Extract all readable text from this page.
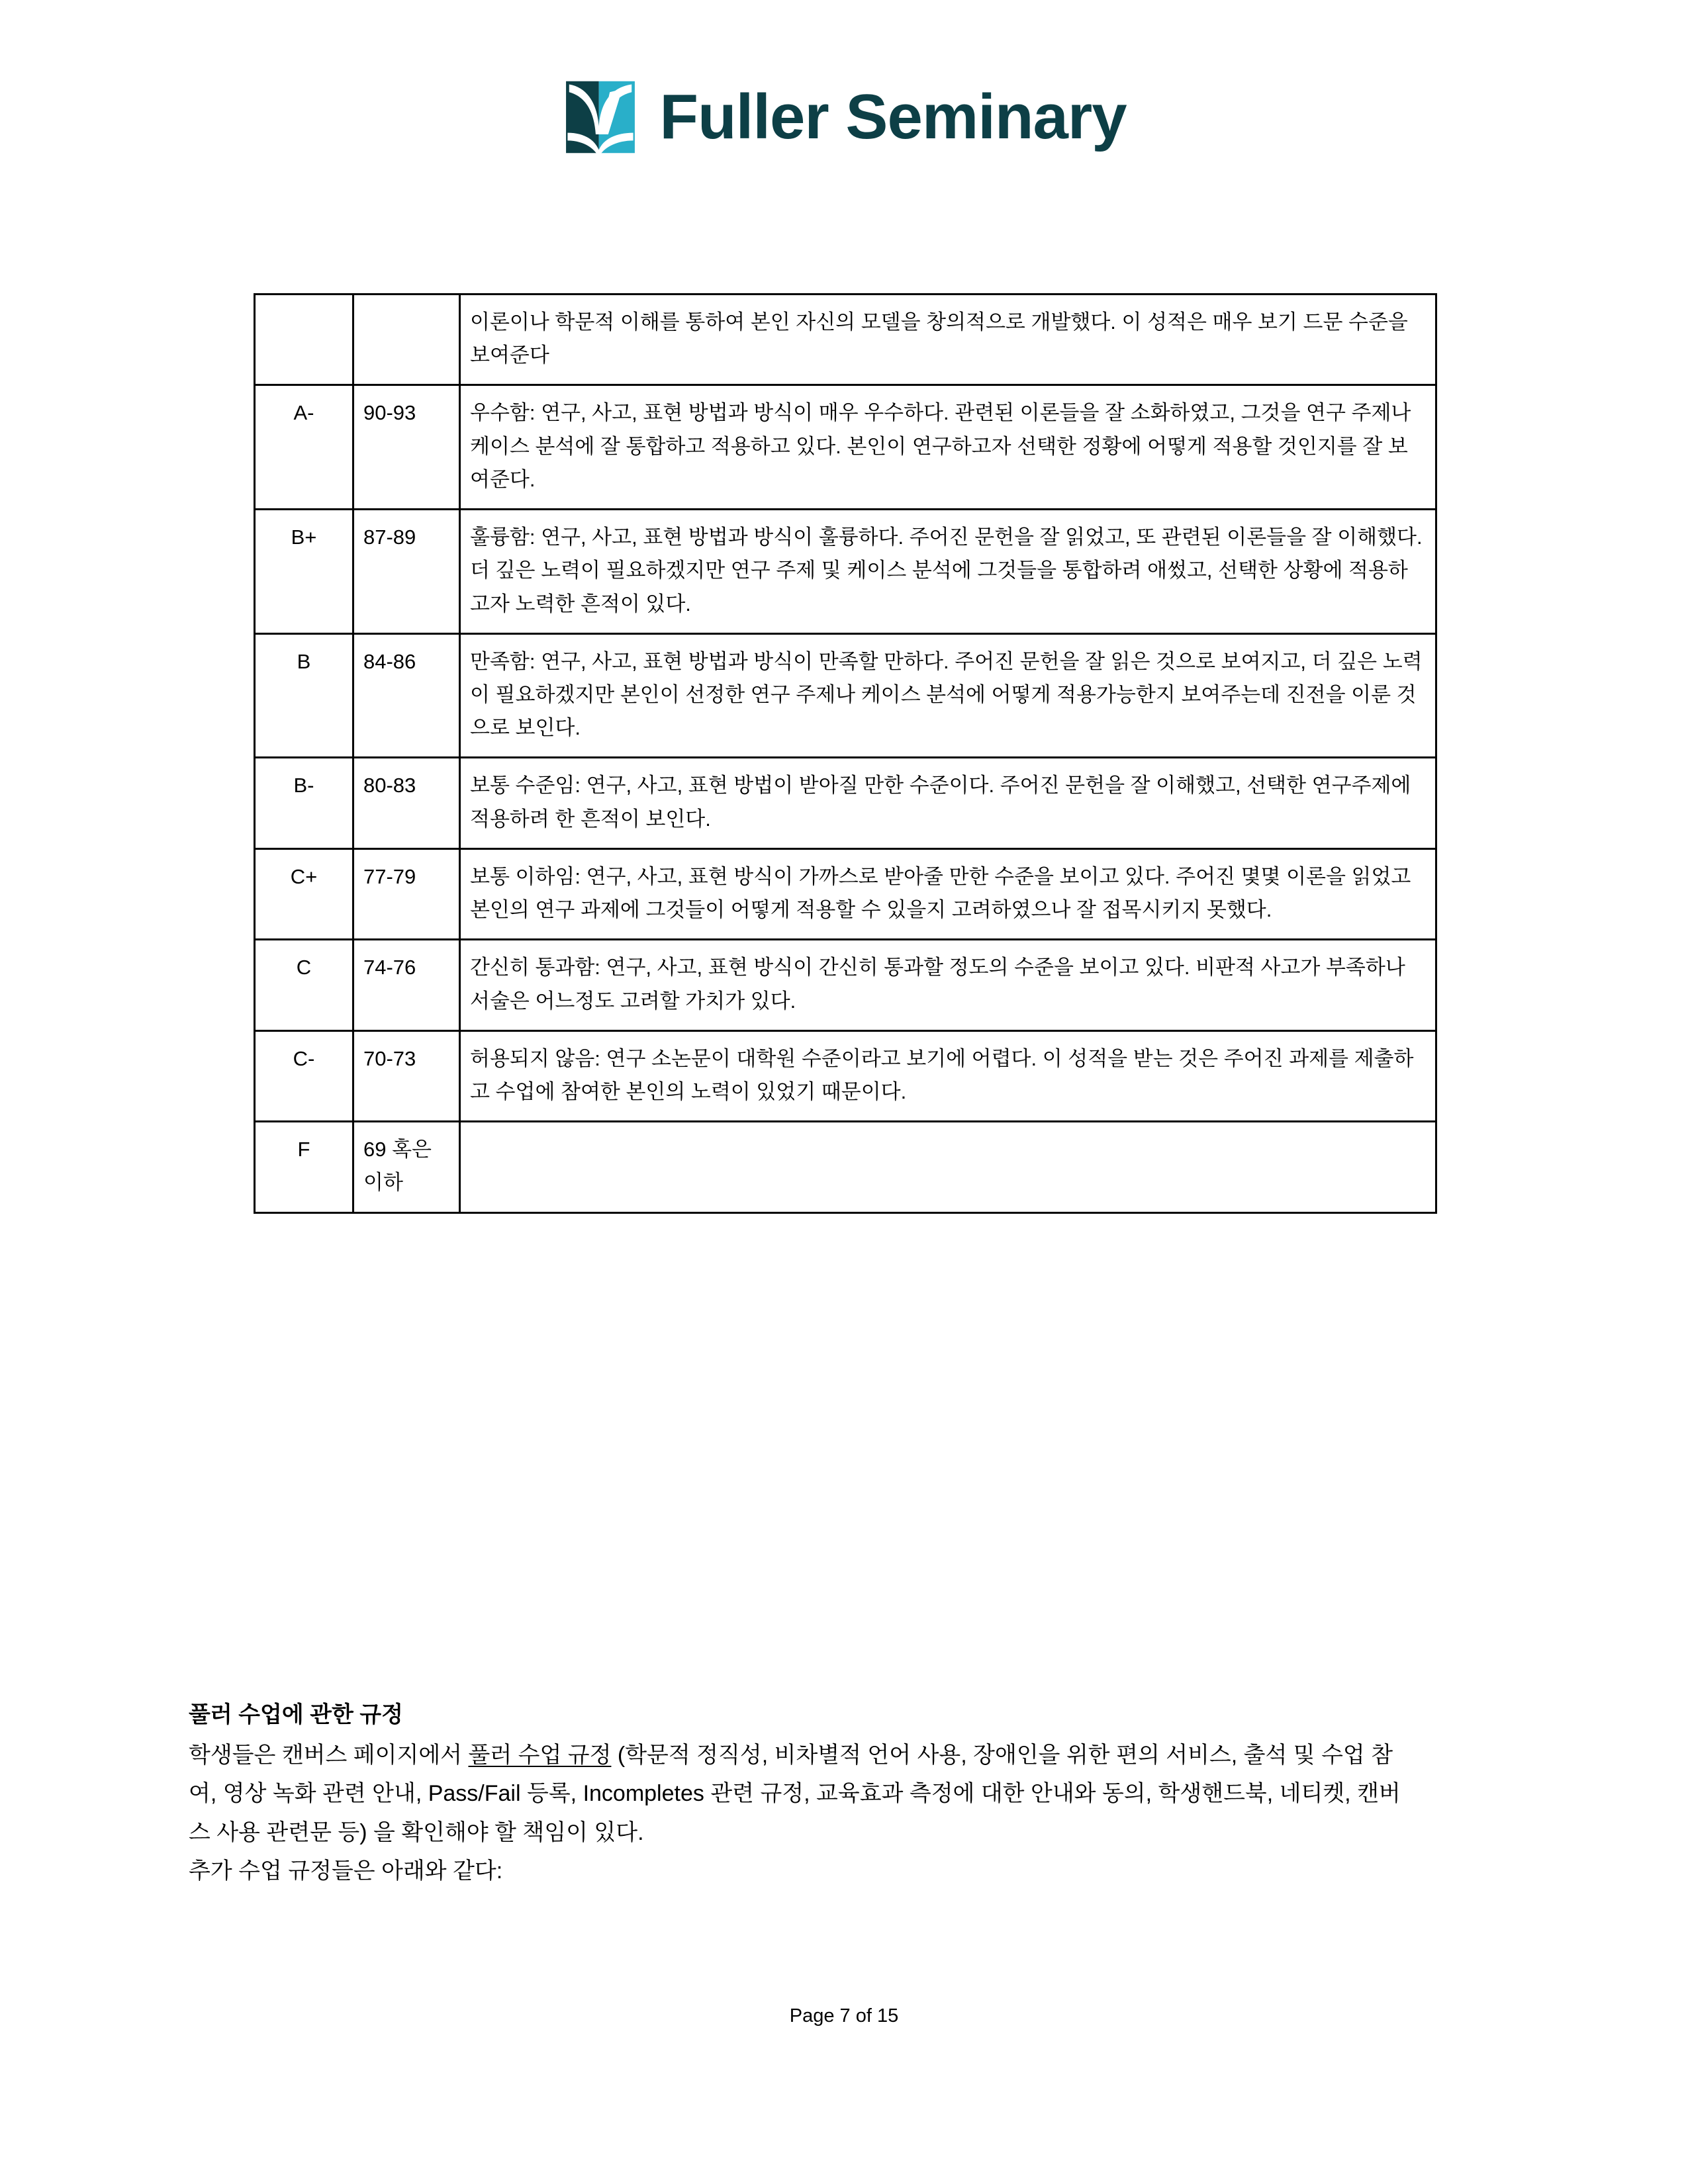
Fuller Seminary
		이론이나 학문적 이해를 통하여 본인 자신의 모델을 창의적으로 개발했다. 이 성적은 매우 보기 드문 수준을 보여준다
A-	90-93	우수함: 연구, 사고, 표현 방법과 방식이 매우 우수하다. 관련된 이론들을 잘 소화하였고, 그것을 연구 주제나 케이스 분석에 잘 통합하고 적용하고 있다. 본인이 연구하고자 선택한 정황에 어떻게 적용할 것인지를 잘 보여준다.
B+	87-89	훌륭함: 연구, 사고, 표현 방법과 방식이 훌륭하다. 주어진 문헌을 잘 읽었고, 또 관련된 이론들을 잘 이해했다. 더 깊은 노력이 필요하겠지만 연구 주제 및 케이스 분석에 그것들을 통합하려 애썼고, 선택한 상황에 적용하고자 노력한 흔적이 있다.
B	84-86	만족함: 연구, 사고, 표현 방법과 방식이 만족할 만하다. 주어진 문헌을 잘 읽은 것으로 보여지고, 더 깊은 노력이 필요하겠지만 본인이 선정한 연구 주제나 케이스 분석에 어떻게 적용가능한지 보여주는데 진전을 이룬 것으로 보인다.
B-	80-83	보통 수준임: 연구, 사고, 표현 방법이 받아질 만한 수준이다. 주어진 문헌을 잘 이해했고, 선택한 연구주제에 적용하려 한 흔적이 보인다.
C+	77-79	보통 이하임: 연구, 사고, 표현 방식이 가까스로 받아줄 만한 수준을 보이고 있다. 주어진 몇몇 이론을 읽었고 본인의 연구 과제에 그것들이 어떻게 적용할 수 있을지 고려하였으나 잘 접목시키지 못했다.
C	74-76	간신히 통과함: 연구, 사고, 표현 방식이 간신히 통과할 정도의 수준을 보이고 있다. 비판적 사고가 부족하나 서술은 어느정도 고려할 가치가 있다.
C-	70-73	허용되지 않음: 연구 소논문이 대학원 수준이라고 보기에 어렵다. 이 성적을 받는 것은 주어진 과제를 제출하고 수업에 참여한 본인의 노력이 있었기 때문이다.
F	69 혹은 이하	
풀러 수업에 관한 규정

학생들은 캔버스 페이지에서 풀러 수업 규정 (학문적 정직성, 비차별적 언어 사용, 장애인을 위한 편의 서비스, 출석 및 수업 참여, 영상 녹화 관련 안내, Pass/Fail 등록, Incompletes 관련 규정, 교육효과 측정에 대한 안내와 동의, 학생핸드북, 네티켓, 캔버스 사용 관련문 등) 을 확인해야 할 책임이 있다.

추가 수업 규정들은 아래와 같다:

Page 7 of 15
